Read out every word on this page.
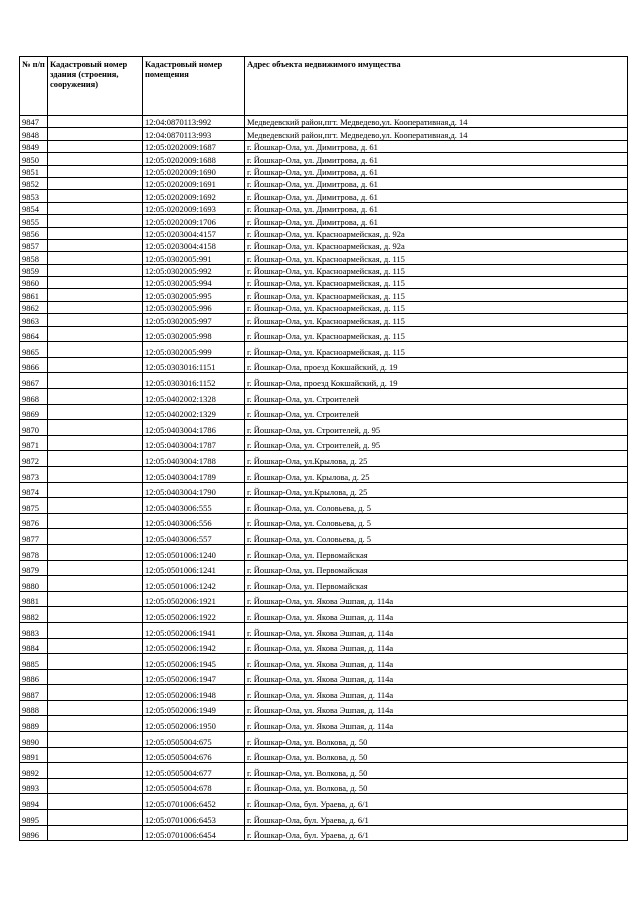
№ п/п	Кадастровый номер здания (строения, сооружения)	Кадастровый номер помещения	Адрес объекта недвижимого имущества
9847		12:04:0870113:992	Медведевский район,пгт. Медведево,ул. Кооперативная,д. 14
9848		12:04:0870113:993	Медведевский район,пгт. Медведево,ул. Кооперативная,д. 14
9849		12:05:0202009:1687	г. Йошкар-Ола, ул. Димитрова, д. 61
9850		12:05:0202009:1688	г. Йошкар-Ола, ул. Димитрова, д. 61
9851		12:05:0202009:1690	г. Йошкар-Ола, ул. Димитрова, д. 61
9852		12:05:0202009:1691	г. Йошкар-Ола, ул. Димитрова, д. 61
9853		12:05:0202009:1692	г. Йошкар-Ола, ул. Димитрова, д. 61
9854		12:05:0202009:1693	г. Йошкар-Ола, ул. Димитрова, д. 61
9855		12:05:0202009:1706	г. Йошкар-Ола, ул. Димитрова, д. 61
9856		12:05:0203004:4157	г. Йошкар-Ола, ул. Красноармейская, д. 92а
9857		12:05:0203004:4158	г. Йошкар-Ола, ул. Красноармейская, д. 92а
9858		12:05:0302005:991	г. Йошкар-Ола, ул. Красноармейская, д. 115
9859		12:05:0302005:992	г. Йошкар-Ола, ул. Красноармейская, д. 115
9860		12:05:0302005:994	г. Йошкар-Ола, ул. Красноармейская, д. 115
9861		12:05:0302005:995	г. Йошкар-Ола, ул. Красноармейская, д. 115
9862		12:05:0302005:996	г. Йошкар-Ола, ул. Красноармейская, д. 115
9863		12:05:0302005:997	г. Йошкар-Ола, ул. Красноармейская, д. 115
9864		12:05:0302005:998	г. Йошкар-Ола, ул. Красноармейская, д. 115
9865		12:05:0302005:999	г. Йошкар-Ола, ул. Красноармейская, д. 115
9866		12:05:0303016:1151	г. Йошкар-Ола, проезд Кокшайский, д. 19
9867		12:05:0303016:1152	г. Йошкар-Ола, проезд Кокшайский, д. 19
9868		12:05:0402002:1328	г. Йошкар-Ола, ул. Строителей
9869		12:05:0402002:1329	г. Йошкар-Ола, ул. Строителей
9870		12:05:0403004:1786	г. Йошкар-Ола, ул. Строителей, д. 95
9871		12:05:0403004:1787	г. Йошкар-Ола, ул. Строителей, д. 95
9872		12:05:0403004:1788	г. Йошкар-Ола, ул.Крылова, д. 25
9873		12:05:0403004:1789	г. Йошкар-Ола, ул. Крылова, д. 25
9874		12:05:0403004:1790	г. Йошкар-Ола, ул.Крылова, д. 25
9875		12:05:0403006:555	г. Йошкар-Ола, ул. Соловьева, д. 5
9876		12:05:0403006:556	г. Йошкар-Ола, ул. Соловьева, д. 5
9877		12:05:0403006:557	г. Йошкар-Ола, ул. Соловьева, д. 5
9878		12:05:0501006:1240	г. Йошкар-Ола, ул. Первомайская
9879		12:05:0501006:1241	г. Йошкар-Ола, ул. Первомайская
9880		12:05:0501006:1242	г. Йошкар-Ола, ул. Первомайская
9881		12:05:0502006:1921	г. Йошкар-Ола, ул. Якова Эшпая, д. 114а
9882		12:05:0502006:1922	г. Йошкар-Ола, ул. Якова Эшпая, д. 114а
9883		12:05:0502006:1941	г. Йошкар-Ола, ул. Якова Эшпая, д. 114а
9884		12:05:0502006:1942	г. Йошкар-Ола, ул. Якова Эшпая, д. 114а
9885		12:05:0502006:1945	г. Йошкар-Ола, ул. Якова Эшпая, д. 114а
9886		12:05:0502006:1947	г. Йошкар-Ола, ул. Якова Эшпая, д. 114а
9887		12:05:0502006:1948	г. Йошкар-Ола, ул. Якова Эшпая, д. 114а
9888		12:05:0502006:1949	г. Йошкар-Ола, ул. Якова Эшпая, д. 114а
9889		12:05:0502006:1950	г. Йошкар-Ола, ул. Якова Эшпая, д. 114а
9890		12:05:0505004:675	г. Йошкар-Ола, ул. Волкова, д. 50
9891		12:05:0505004:676	г. Йошкар-Ола, ул. Волкова, д. 50
9892		12:05:0505004:677	г. Йошкар-Ола, ул. Волкова, д. 50
9893		12:05:0505004:678	г. Йошкар-Ола, ул. Волкова, д. 50
9894		12:05:0701006:6452	г. Йошкар-Ола, бул. Ураева, д. 6/1
9895		12:05:0701006:6453	г. Йошкар-Ола, бул. Ураева, д. 6/1
9896		12:05:0701006:6454	г. Йошкар-Ола, бул. Ураева, д. 6/1
